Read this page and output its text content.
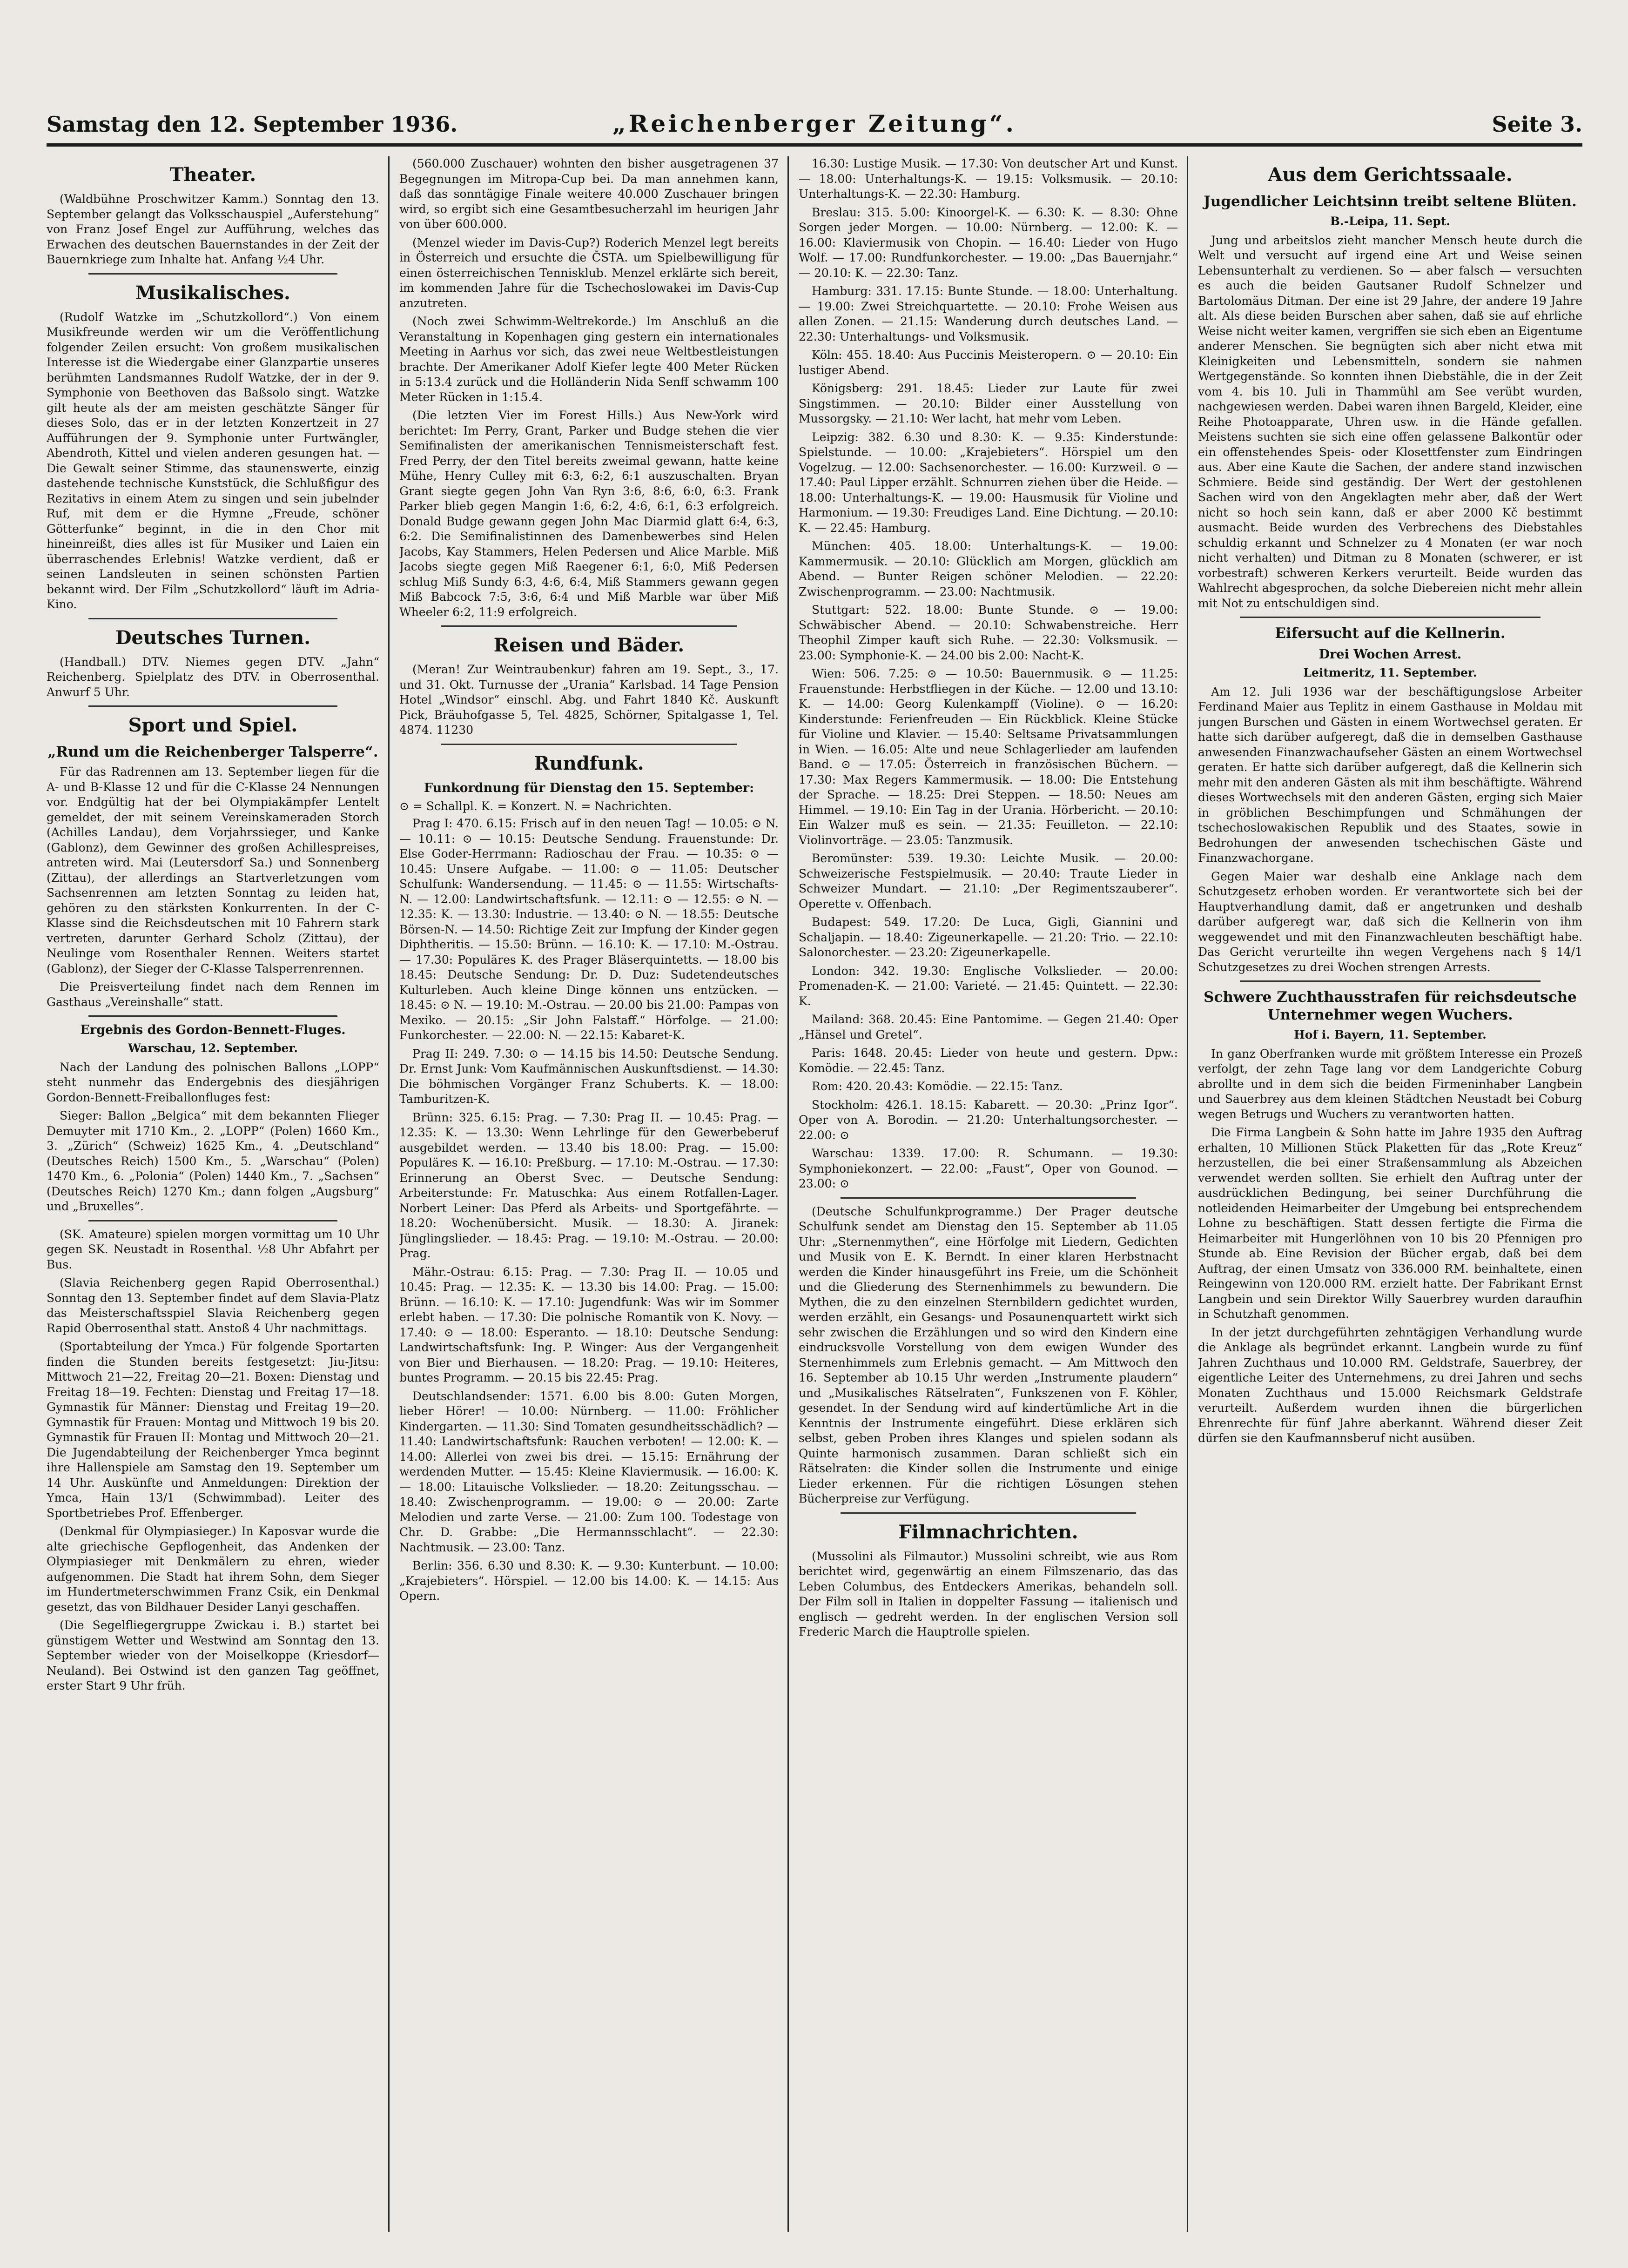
Samstag den 12. September 1936.	„Reichenberger Zeitung“.	Seite 3.
Theater.

(Waldbühne Proschwitzer Kamm.) Sonntag den 13. September gelangt das Volksschauspiel „Auferstehung“ von Franz Josef Engel zur Aufführung, welches das Erwachen des deutschen Bauernstandes in der Zeit der Bauernkriege zum Inhalte hat. Anfang ½4 Uhr.

Musikalisches.

(Rudolf Watzke im „Schutzkollord“.) Von einem Musikfreunde werden wir um die Veröffentlichung folgender Zeilen ersucht: Von großem musikalischen Interesse ist die Wiedergabe einer Glanzpartie unseres berühmten Landsmannes Rudolf Watzke, der in der 9. Symphonie von Beethoven das Baßsolo singt. Watzke gilt heute als der am meisten geschätzte Sänger für dieses Solo, das er in der letzten Konzertzeit in 27 Aufführungen der 9. Symphonie unter Furtwängler, Abendroth, Kittel und vielen anderen gesungen hat. — Die Gewalt seiner Stimme, das staunenswerte, einzig dastehende technische Kunststück, die Schlußfigur des Rezitativs in einem Atem zu singen und sein jubelnder Ruf, mit dem er die Hymne „Freude, schöner Götterfunke“ beginnt, in die in den Chor mit hineinreißt, dies alles ist für Musiker und Laien ein überraschendes Erlebnis! Watzke verdient, daß er seinen Landsleuten in seinen schönsten Partien bekannt wird. Der Film „Schutzkollord“ läuft im Adria-Kino.

Deutsches Turnen.

(Handball.) DTV. Niemes gegen DTV. „Jahn“ Reichenberg. Spielplatz des DTV. in Oberrosenthal. Anwurf 5 Uhr.

Sport und Spiel.
„Rund um die Reichenberger Talsperre“.

Für das Radrennen am 13. September liegen für die A- und B-Klasse 12 und für die C-Klasse 24 Nennungen vor. Endgültig hat der bei Olympiakämpfer Lentelt gemeldet, der mit seinem Vereinskameraden Storch (Achilles Landau), dem Vorjahrssieger, und Kanke (Gablonz), dem Gewinner des großen Achillespreises, antreten wird. Mai (Leutersdorf Sa.) und Sonnenberg (Zittau), der allerdings an Startverletzungen vom Sachsenrennen am letzten Sonntag zu leiden hat, gehören zu den stärksten Konkurrenten. In der C-Klasse sind die Reichsdeutschen mit 10 Fahrern stark vertreten, darunter Gerhard Scholz (Zittau), der Neulinge vom Rosenthaler Rennen. Weiters startet (Gablonz), der Sieger der C-Klasse Talsperrenrennen.

Die Preisverteilung findet nach dem Rennen im Gasthaus „Vereinshalle“ statt.

Ergebnis des Gordon-Bennett-Fluges.
Warschau, 12. September.

Nach der Landung des polnischen Ballons „LOPP“ steht nunmehr das Endergebnis des diesjährigen Gordon-Bennett-Freiballonfluges fest:

Sieger: Ballon „Belgica“ mit dem bekannten Flieger Demuyter mit 1710 Km., 2. „LOPP“ (Polen) 1660 Km., 3. „Zürich“ (Schweiz) 1625 Km., 4. „Deutschland“ (Deutsches Reich) 1500 Km., 5. „Warschau“ (Polen) 1470 Km., 6. „Polonia“ (Polen) 1440 Km., 7. „Sachsen“ (Deutsches Reich) 1270 Km.; dann folgen „Augsburg“ und „Bruxelles“.

(SK. Amateure) spielen morgen vormittag um 10 Uhr gegen SK. Neustadt in Rosenthal. ½8 Uhr Abfahrt per Bus.

(Slavia Reichenberg gegen Rapid Oberrosenthal.) Sonntag den 13. September findet auf dem Slavia-Platz das Meisterschaftsspiel Slavia Reichenberg gegen Rapid Oberrosenthal statt. Anstoß 4 Uhr nachmittags.

(Sportabteilung der Ymca.) Für folgende Sportarten finden die Stunden bereits festgesetzt: Jiu-Jitsu: Mittwoch 21—22, Freitag 20—21. Boxen: Dienstag und Freitag 18—19. Fechten: Dienstag und Freitag 17—18. Gymnastik für Männer: Dienstag und Freitag 19—20. Gymnastik für Frauen: Montag und Mittwoch 19 bis 20. Gymnastik für Frauen II: Montag und Mittwoch 20—21. Die Jugendabteilung der Reichenberger Ymca beginnt ihre Hallenspiele am Samstag den 19. September um 14 Uhr. Auskünfte und Anmeldungen: Direktion der Ymca, Hain 13/1 (Schwimmbad). Leiter des Sportbetriebes Prof. Effenberger.

(Denkmal für Olympiasieger.) In Kaposvar wurde die alte griechische Gepflogenheit, das Andenken der Olympiasieger mit Denkmälern zu ehren, wieder aufgenommen. Die Stadt hat ihrem Sohn, dem Sieger im Hundertmeterschwimmen Franz Csik, ein Denkmal gesetzt, das von Bildhauer Desider Lanyi geschaffen.

(Die Segelfliegergruppe Zwickau i. B.) startet bei günstigem Wetter und Westwind am Sonntag den 13. September wieder von der Moiselkoppe (Kriesdorf—Neuland). Bei Ostwind ist den ganzen Tag geöffnet, erster Start 9 Uhr früh.

(560.000 Zuschauer) wohnten den bisher ausgetragenen 37 Begegnungen im Mitropa-Cup bei. Da man annehmen kann, daß das sonntägige Finale weitere 40.000 Zuschauer bringen wird, so ergibt sich eine Gesamtbesucherzahl im heurigen Jahr von über 600.000.

(Menzel wieder im Davis-Cup?) Roderich Menzel legt bereits in Österreich und ersuchte die ČSTA. um Spielbewilligung für einen österreichischen Tennisklub. Menzel erklärte sich bereit, im kommenden Jahre für die Tschechoslowakei im Davis-Cup anzutreten.

(Noch zwei Schwimm-Weltrekorde.) Im Anschluß an die Veranstaltung in Kopenhagen ging gestern ein internationales Meeting in Aarhus vor sich, das zwei neue Weltbestleistungen brachte. Der Amerikaner Adolf Kiefer legte 400 Meter Rücken in 5:13.4 zurück und die Holländerin Nida Senff schwamm 100 Meter Rücken in 1:15.4.

(Die letzten Vier im Forest Hills.) Aus New-York wird berichtet: Im Perry, Grant, Parker und Budge stehen die vier Semifinalisten der amerikanischen Tennismeisterschaft fest. Fred Perry, der den Titel bereits zweimal gewann, hatte keine Mühe, Henry Culley mit 6:3, 6:2, 6:1 auszuschalten. Bryan Grant siegte gegen John Van Ryn 3:6, 8:6, 6:0, 6:3. Frank Parker blieb gegen Mangin 1:6, 6:2, 4:6, 6:1, 6:3 erfolgreich. Donald Budge gewann gegen John Mac Diarmid glatt 6:4, 6:3, 6:2. Die Semifinalistinnen des Damenbewerbes sind Helen Jacobs, Kay Stammers, Helen Pedersen und Alice Marble. Miß Jacobs siegte gegen Miß Raegener 6:1, 6:0, Miß Pedersen schlug Miß Sundy 6:3, 4:6, 6:4, Miß Stammers gewann gegen Miß Babcock 7:5, 3:6, 6:4 und Miß Marble war über Miß Wheeler 6:2, 11:9 erfolgreich.

Reisen und Bäder.

(Meran! Zur Weintraubenkur) fahren am 19. Sept., 3., 17. und 31. Okt. Turnusse der „Urania“ Karlsbad. 14 Tage Pension Hotel „Windsor“ einschl. Abg. und Fahrt 1840 Kč. Auskunft Pick, Bräuhofgasse 5, Tel. 4825, Schörner, Spitalgasse 1, Tel. 4874. 11230

Rundfunk.
Funkordnung für Dienstag den 15. September:
⊙ = Schallpl. K. = Konzert. N. = Nachrichten.

Prag I: 470. 6.15: Frisch auf in den neuen Tag! — 10.05: ⊙ N. — 10.11: ⊙ — 10.15: Deutsche Sendung. Frauenstunde: Dr. Else Goder-Herrmann: Radioschau der Frau. — 10.35: ⊙ — 10.45: Unsere Aufgabe. — 11.00: ⊙ — 11.05: Deutscher Schulfunk: Wandersendung. — 11.45: ⊙ — 11.55: Wirtschafts-N. — 12.00: Landwirtschaftsfunk. — 12.11: ⊙ — 12.55: ⊙ N. — 12.35: K. — 13.30: Industrie. — 13.40: ⊙ N. — 18.55: Deutsche Börsen-N. — 14.50: Richtige Zeit zur Impfung der Kinder gegen Diphtheritis. — 15.50: Brünn. — 16.10: K. — 17.10: M.-Ostrau. — 17.30: Populäres K. des Prager Bläserquintetts. — 18.00 bis 18.45: Deutsche Sendung: Dr. D. Duz: Sudetendeutsches Kulturleben. Auch kleine Dinge können uns entzücken. — 18.45: ⊙ N. — 19.10: M.-Ostrau. — 20.00 bis 21.00: Pampas von Mexiko. — 20.15: „Sir John Falstaff.“ Hörfolge. — 21.00: Funkorchester. — 22.00: N. — 22.15: Kabaret-K.

Prag II: 249. 7.30: ⊙ — 14.15 bis 14.50: Deutsche Sendung. Dr. Ernst Junk: Vom Kaufmännischen Auskunftsdienst. — 14.30: Die böhmischen Vorgänger Franz Schuberts. K. — 18.00: Tamburitzen-K.

Brünn: 325. 6.15: Prag. — 7.30: Prag II. — 10.45: Prag. — 12.35: K. — 13.30: Wenn Lehrlinge für den Gewerbeberuf ausgebildet werden. — 13.40 bis 18.00: Prag. — 15.00: Populäres K. — 16.10: Preßburg. — 17.10: M.-Ostrau. — 17.30: Erinnerung an Oberst Svec. — Deutsche Sendung: Arbeiterstunde: Fr. Matuschka: Aus einem Rotfallen-Lager. Norbert Leiner: Das Pferd als Arbeits- und Sportgefährte. — 18.20: Wochenübersicht. Musik. — 18.30: A. Jiranek: Jünglingslieder. — 18.45: Prag. — 19.10: M.-Ostrau. — 20.00: Prag.

Mähr.-Ostrau: 6.15: Prag. — 7.30: Prag II. — 10.05 und 10.45: Prag. — 12.35: K. — 13.30 bis 14.00: Prag. — 15.00: Brünn. — 16.10: K. — 17.10: Jugendfunk: Was wir im Sommer erlebt haben. — 17.30: Die polnische Romantik von K. Novy. — 17.40: ⊙ — 18.00: Esperanto. — 18.10: Deutsche Sendung: Landwirtschaftsfunk: Ing. P. Winger: Aus der Vergangenheit von Bier und Bierhausen. — 18.20: Prag. — 19.10: Heiteres, buntes Programm. — 20.15 bis 22.45: Prag.

Deutschlandsender: 1571. 6.00 bis 8.00: Guten Morgen, lieber Hörer! — 10.00: Nürnberg. — 11.00: Fröhlicher Kindergarten. — 11.30: Sind Tomaten gesundheitsschädlich? — 11.40: Landwirtschaftsfunk: Rauchen verboten! — 12.00: K. — 14.00: Allerlei von zwei bis drei. — 15.15: Ernährung der werdenden Mutter. — 15.45: Kleine Klaviermusik. — 16.00: K. — 18.00: Litauische Volkslieder. — 18.20: Zeitungsschau. — 18.40: Zwischenprogramm. — 19.00: ⊙ — 20.00: Zarte Melodien und zarte Verse. — 21.00: Zum 100. Todestage von Chr. D. Grabbe: „Die Hermannsschlacht“. — 22.30: Nachtmusik. — 23.00: Tanz.

Berlin: 356. 6.30 und 8.30: K. — 9.30: Kunterbunt. — 10.00: „Krajebieters“. Hörspiel. — 12.00 bis 14.00: K. — 14.15: Aus Opern.

16.30: Lustige Musik. — 17.30: Von deutscher Art und Kunst. — 18.00: Unterhaltungs-K. — 19.15: Volksmusik. — 20.10: Unterhaltungs-K. — 22.30: Hamburg.

Breslau: 315. 5.00: Kinoorgel-K. — 6.30: K. — 8.30: Ohne Sorgen jeder Morgen. — 10.00: Nürnberg. — 12.00: K. — 16.00: Klaviermusik von Chopin. — 16.40: Lieder von Hugo Wolf. — 17.00: Rundfunkorchester. — 19.00: „Das Bauernjahr.“ — 20.10: K. — 22.30: Tanz.

Hamburg: 331. 17.15: Bunte Stunde. — 18.00: Unterhaltung. — 19.00: Zwei Streichquartette. — 20.10: Frohe Weisen aus allen Zonen. — 21.15: Wanderung durch deutsches Land. — 22.30: Unterhaltungs- und Volksmusik.

Köln: 455. 18.40: Aus Puccinis Meisteropern. ⊙ — 20.10: Ein lustiger Abend.

Königsberg: 291. 18.45: Lieder zur Laute für zwei Singstimmen. — 20.10: Bilder einer Ausstellung von Mussorgsky. — 21.10: Wer lacht, hat mehr vom Leben.

Leipzig: 382. 6.30 und 8.30: K. — 9.35: Kinderstunde: Spielstunde. — 10.00: „Krajebieters“. Hörspiel um den Vogelzug. — 12.00: Sachsenorchester. — 16.00: Kurzweil. ⊙ — 17.40: Paul Lipper erzählt. Schnurren ziehen über die Heide. — 18.00: Unterhaltungs-K. — 19.00: Hausmusik für Violine und Harmonium. — 19.30: Freudiges Land. Eine Dichtung. — 20.10: K. — 22.45: Hamburg.

München: 405. 18.00: Unterhaltungs-K. — 19.00: Kammermusik. — 20.10: Glücklich am Morgen, glücklich am Abend. — Bunter Reigen schöner Melodien. — 22.20: Zwischenprogramm. — 23.00: Nachtmusik.

Stuttgart: 522. 18.00: Bunte Stunde. ⊙ — 19.00: Schwäbischer Abend. — 20.10: Schwabenstreiche. Herr Theophil Zimper kauft sich Ruhe. — 22.30: Volksmusik. — 23.00: Symphonie-K. — 24.00 bis 2.00: Nacht-K.

Wien: 506. 7.25: ⊙ — 10.50: Bauernmusik. ⊙ — 11.25: Frauenstunde: Herbstfliegen in der Küche. — 12.00 und 13.10: K. — 14.00: Georg Kulenkampff (Violine). ⊙ — 16.20: Kinderstunde: Ferienfreuden — Ein Rückblick. Kleine Stücke für Violine und Klavier. — 15.40: Seltsame Privatsammlungen in Wien. — 16.05: Alte und neue Schlagerlieder am laufenden Band. ⊙ — 17.05: Österreich in französischen Büchern. — 17.30: Max Regers Kammermusik. — 18.00: Die Entstehung der Sprache. — 18.25: Drei Steppen. — 18.50: Neues am Himmel. — 19.10: Ein Tag in der Urania. Hörbericht. — 20.10: Ein Walzer muß es sein. — 21.35: Feuilleton. — 22.10: Violinvorträge. — 23.05: Tanzmusik.

Beromünster: 539. 19.30: Leichte Musik. — 20.00: Schweizerische Festspielmusik. — 20.40: Traute Lieder in Schweizer Mundart. — 21.10: „Der Regimentszauberer“. Operette v. Offenbach.

Budapest: 549. 17.20: De Luca, Gigli, Giannini und Schaljapin. — 18.40: Zigeunerkapelle. — 21.20: Trio. — 22.10: Salonorchester. — 23.20: Zigeunerkapelle.

London: 342. 19.30: Englische Volkslieder. — 20.00: Promenaden-K. — 21.00: Varieté. — 21.45: Quintett. — 22.30: K.

Mailand: 368. 20.45: Eine Pantomime. — Gegen 21.40: Oper „Hänsel und Gretel“.

Paris: 1648. 20.45: Lieder von heute und gestern. Dpw.: Komödie. — 22.45: Tanz.

Rom: 420. 20.43: Komödie. — 22.15: Tanz.

Stockholm: 426.1. 18.15: Kabarett. — 20.30: „Prinz Igor“. Oper von A. Borodin. — 21.20: Unterhaltungsorchester. — 22.00: ⊙

Warschau: 1339. 17.00: R. Schumann. — 19.30: Symphoniekonzert. — 22.00: „Faust“, Oper von Gounod. — 23.00: ⊙

(Deutsche Schulfunkprogramme.) Der Prager deutsche Schulfunk sendet am Dienstag den 15. September ab 11.05 Uhr: „Sternenmythen“, eine Hörfolge mit Liedern, Gedichten und Musik von E. K. Berndt. In einer klaren Herbstnacht werden die Kinder hinausgeführt ins Freie, um die Schönheit und die Gliederung des Sternenhimmels zu bewundern. Die Mythen, die zu den einzelnen Sternbildern gedichtet wurden, werden erzählt, ein Gesangs- und Posaunenquartett wirkt sich sehr zwischen die Erzählungen und so wird den Kindern eine eindrucksvolle Vorstellung von dem ewigen Wunder des Sternenhimmels zum Erlebnis gemacht. — Am Mittwoch den 16. September ab 10.15 Uhr werden „Instrumente plaudern“ und „Musikalisches Rätselraten“, Funkszenen von F. Köhler, gesendet. In der Sendung wird auf kindertümliche Art in die Kenntnis der Instrumente eingeführt. Diese erklären sich selbst, geben Proben ihres Klanges und spielen sodann als Quinte harmonisch zusammen. Daran schließt sich ein Rätselraten: die Kinder sollen die Instrumente und einige Lieder erkennen. Für die richtigen Lösungen stehen Bücherpreise zur Verfügung.

Filmnachrichten.

(Mussolini als Filmautor.) Mussolini schreibt, wie aus Rom berichtet wird, gegenwärtig an einem Filmszenario, das das Leben Columbus, des Entdeckers Amerikas, behandeln soll. Der Film soll in Italien in doppelter Fassung — italienisch und englisch — gedreht werden. In der englischen Version soll Frederic March die Hauptrolle spielen.

Aus dem Gerichtssaale.
Jugendlicher Leichtsinn treibt seltene Blüten.
B.-Leipa, 11. Sept.

Jung und arbeitslos zieht mancher Mensch heute durch die Welt und versucht auf irgend eine Art und Weise seinen Lebensunterhalt zu verdienen. So — aber falsch — versuchten es auch die beiden Gautsaner Rudolf Schnelzer und Bartolomäus Ditman. Der eine ist 29 Jahre, der andere 19 Jahre alt. Als diese beiden Burschen aber sahen, daß sie auf ehrliche Weise nicht weiter kamen, vergriffen sie sich eben an Eigentume anderer Menschen. Sie begnügten sich aber nicht etwa mit Kleinigkeiten und Lebensmitteln, sondern sie nahmen Wertgegenstände. So konnten ihnen Diebstähle, die in der Zeit vom 4. bis 10. Juli in Thammühl am See verübt wurden, nachgewiesen werden. Dabei waren ihnen Bargeld, Kleider, eine Reihe Photoapparate, Uhren usw. in die Hände gefallen. Meistens suchten sie sich eine offen gelassene Balkontür oder ein offenstehendes Speis- oder Klosettfenster zum Eindringen aus. Aber eine Kaute die Sachen, der andere stand inzwischen Schmiere. Beide sind geständig. Der Wert der gestohlenen Sachen wird von den Angeklagten mehr aber, daß der Wert nicht so hoch sein kann, daß er aber 2000 Kč bestimmt ausmacht. Beide wurden des Verbrechens des Diebstahles schuldig erkannt und Schnelzer zu 4 Monaten (er war noch nicht verhalten) und Ditman zu 8 Monaten (schwerer, er ist vorbestraft) schweren Kerkers verurteilt. Beide wurden das Wahlrecht abgesprochen, da solche Diebereien nicht mehr allein mit Not zu entschuldigen sind.

Eifersucht auf die Kellnerin.
Drei Wochen Arrest.
Leitmeritz, 11. September.

Am 12. Juli 1936 war der beschäftigungslose Arbeiter Ferdinand Maier aus Teplitz in einem Gasthause in Moldau mit jungen Burschen und Gästen in einem Wortwechsel geraten. Er hatte sich darüber aufgeregt, daß die in demselben Gasthause anwesenden Finanzwachaufseher Gästen an einem Wortwechsel geraten. Er hatte sich darüber aufgeregt, daß die Kellnerin sich mehr mit den anderen Gästen als mit ihm beschäftigte. Während dieses Wortwechsels mit den anderen Gästen, erging sich Maier in gröblichen Beschimpfungen und Schmähungen der tschechoslowakischen Republik und des Staates, sowie in Bedrohungen der anwesenden tschechischen Gäste und Finanzwachorgane.

Gegen Maier war deshalb eine Anklage nach dem Schutzgesetz erhoben worden. Er verantwortete sich bei der Hauptverhandlung damit, daß er angetrunken und deshalb darüber aufgeregt war, daß sich die Kellnerin von ihm weggewendet und mit den Finanzwachleuten beschäftigt habe. Das Gericht verurteilte ihn wegen Vergehens nach § 14/1 Schutzgesetzes zu drei Wochen strengen Arrests.

Schwere Zuchthausstrafen für reichsdeutsche Unternehmer wegen Wuchers.
Hof i. Bayern, 11. September.

In ganz Oberfranken wurde mit größtem Interesse ein Prozeß verfolgt, der zehn Tage lang vor dem Landgerichte Coburg abrollte und in dem sich die beiden Firmeninhaber Langbein und Sauerbrey aus dem kleinen Städtchen Neustadt bei Coburg wegen Betrugs und Wuchers zu verantworten hatten.

Die Firma Langbein & Sohn hatte im Jahre 1935 den Auftrag erhalten, 10 Millionen Stück Plaketten für das „Rote Kreuz“ herzustellen, die bei einer Straßensammlung als Abzeichen verwendet werden sollten. Sie erhielt den Auftrag unter der ausdrücklichen Bedingung, bei seiner Durchführung die notleidenden Heimarbeiter der Umgebung bei entsprechendem Lohne zu beschäftigen. Statt dessen fertigte die Firma die Heimarbeiter mit Hungerlöhnen von 10 bis 20 Pfennigen pro Stunde ab. Eine Revision der Bücher ergab, daß bei dem Auftrag, der einen Umsatz von 336.000 RM. beinhaltete, einen Reingewinn von 120.000 RM. erzielt hatte. Der Fabrikant Ernst Langbein und sein Direktor Willy Sauerbrey wurden daraufhin in Schutzhaft genommen.

In der jetzt durchgeführten zehntägigen Verhandlung wurde die Anklage als begründet erkannt. Langbein wurde zu fünf Jahren Zuchthaus und 10.000 RM. Geldstrafe, Sauerbrey, der eigentliche Leiter des Unternehmens, zu drei Jahren und sechs Monaten Zuchthaus und 15.000 Reichsmark Geldstrafe verurteilt. Außerdem wurden ihnen die bürgerlichen Ehrenrechte für fünf Jahre aberkannt. Während dieser Zeit dürfen sie den Kaufmannsberuf nicht ausüben.
